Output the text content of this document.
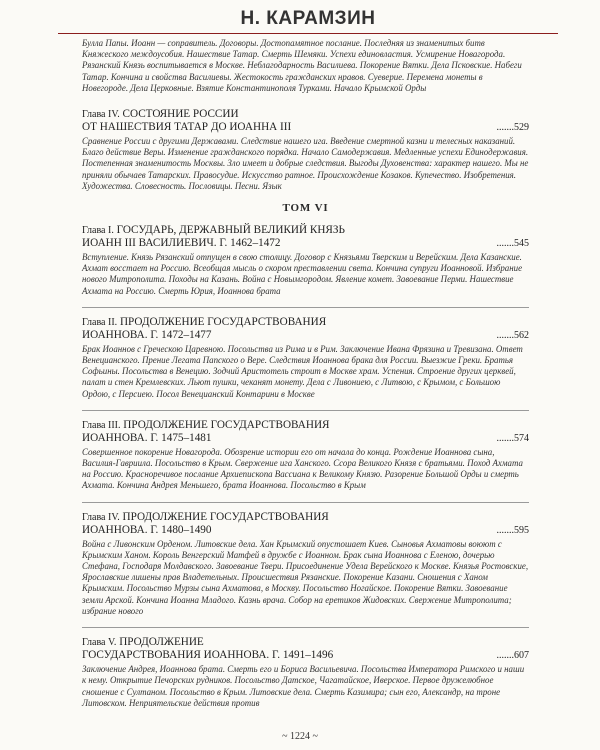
Н. КАРАМЗИН

Булла Папы. Иоанн — соправитель. Договоры. Достопамятное послание. Последняя из знаменитых битв Княжеского междоусобия. Нашествие Татар. Смерть Шемяки. Успехи единовластия. Усмирение Новагорода. Рязанский Князь воспитывается в Москве. Неблагодарность Василиева. Покорение Вятки. Дела Псковские. Набеги Татар. Кончина и свойства Василиевы. Жестокость гражданских нравов. Суеверие. Перемена монеты в Новегороде. Дела Церковные. Взятие Константинополя Турками. Начало Крымской Орды

Глава IV. СОСТОЯНИЕ РОССИИ
ОТ НАШЕСТВИЯ ТАТАР ДО ИОАННА III	.......529

Сравнение России с другими Державами. Следствие нашего ига. Введение смертной казни и телесных наказаний. Благо действие Веры. Изменение гражданского порядка. Начало Самодержавия. Медленные успехи Единодержавия. Постепенная знаменитость Москвы. Зло имеет и добрые следствия. Выгоды Духовенства: характер нашего. Мы не приняли обычаев Татарских. Правосудие. Искусство ратное. Происхождение Козаков. Купечество. Изобретения. Художества. Словесность. Пословицы. Песни. Язык

ТОМ VI
Глава I. ГОСУДАРЬ, ДЕРЖАВНЫЙ ВЕЛИКИЙ КНЯЗЬ
ИОАНН III ВАСИЛИЕВИЧ. Г. 1462–1472	.......545

Вступление. Князь Рязанский отпущен в свою столицу. Договор с Князьями Тверским и Верейским. Дела Казанские. Ахмат восстает на Россию. Всеобщая мысль о скором преставлении света. Кончина супруги Иоанновой. Избрание нового Митрополита. Походы на Казань. Война с Новымгородом. Явление комет. Завоевание Перми. Нашествие Ахмата на Россию. Смерть Юрия, Иоаннова брата

Глава II. ПРОДОЛЖЕНИЕ ГОСУДАРСТВОВАНИЯ
ИОАННОВА. Г. 1472–1477	.......562

Брак Иоаннов с Греческою Царевною. Посольства из Рима и в Рим. Заключение Ивана Фрязина и Тревизана. Ответ Венецианского. Прение Легата Папского о Вере. Следствия Иоаннова брака для России. Выезжие Греки. Братья Софьины. Посольства в Венецию. Зодчий Аристотель строит в Москве храм. Успения. Строение других церквей, палат и стен Кремлевских. Льют пушки, чеканят монету. Дела с Ливониею, с Литвою, с Крымом, с Большою Ордою, с Персиею. Посол Венецианский Контарини в Москве

Глава III. ПРОДОЛЖЕНИЕ ГОСУДАРСТВОВАНИЯ
ИОАННОВА. Г. 1475–1481	.......574

Совершенное покорение Новагорода. Обозрение истории его от начала до конца. Рождение Иоаннова сына, Василия-Гавриила. Посольство в Крым. Свержение ига Ханского. Ссора Великого Князя с братьями. Поход Ахмата на Россию. Красноречивое послание Архиепископа Вассиана к Великому Князю. Разорение Большой Орды и смерть Ахмата. Кончина Андрея Меньшего, брата Иоаннова. Посольство в Крым

Глава IV. ПРОДОЛЖЕНИЕ ГОСУДАРСТВОВАНИЯ
ИОАННОВА. Г. 1480–1490	.......595

Война с Ливонским Орденом. Литовские дела. Хан Крымский опустошает Киев. Сыновья Ахматовы воюют с Крымским Ханом. Король Венгерский Матфей в дружбе с Иоанном. Брак сына Иоаннова с Еленою, дочерью Стефана, Господаря Молдавского. Завоевание Твери. Присоединение Удела Верейского к Москве. Князья Ростовские, Ярославские лишены прав Владетельных. Происшествия Рязанские. Покорение Казани. Сношения с Ханом Крымским. Посольство Мурзы сына Ахматова, в Москву. Посольство Ногайское. Покорение Вятки. Завоевание земли Арской. Кончина Иоанна Младого. Казнь врача. Собор на еретиков Жидовских. Свержение Митрополита; избрание нового

Глава V. ПРОДОЛЖЕНИЕ
ГОСУДАРСТВОВАНИЯ ИОАННОВА. Г. 1491–1496	.......607

Заключение Андрея, Иоаннова брата. Смерть его и Бориса Васильевича. Посольства Императора Римского и наши к нему. Открытие Печорских рудников. Посольство Датское, Чагатайское, Иверское. Первое дружелюбное сношение с Султаном. Посольство в Крым. Литовские дела. Смерть Казимира; сын его, Александр, на троне Литовском. Неприятельские действия против

~ 1224 ~
